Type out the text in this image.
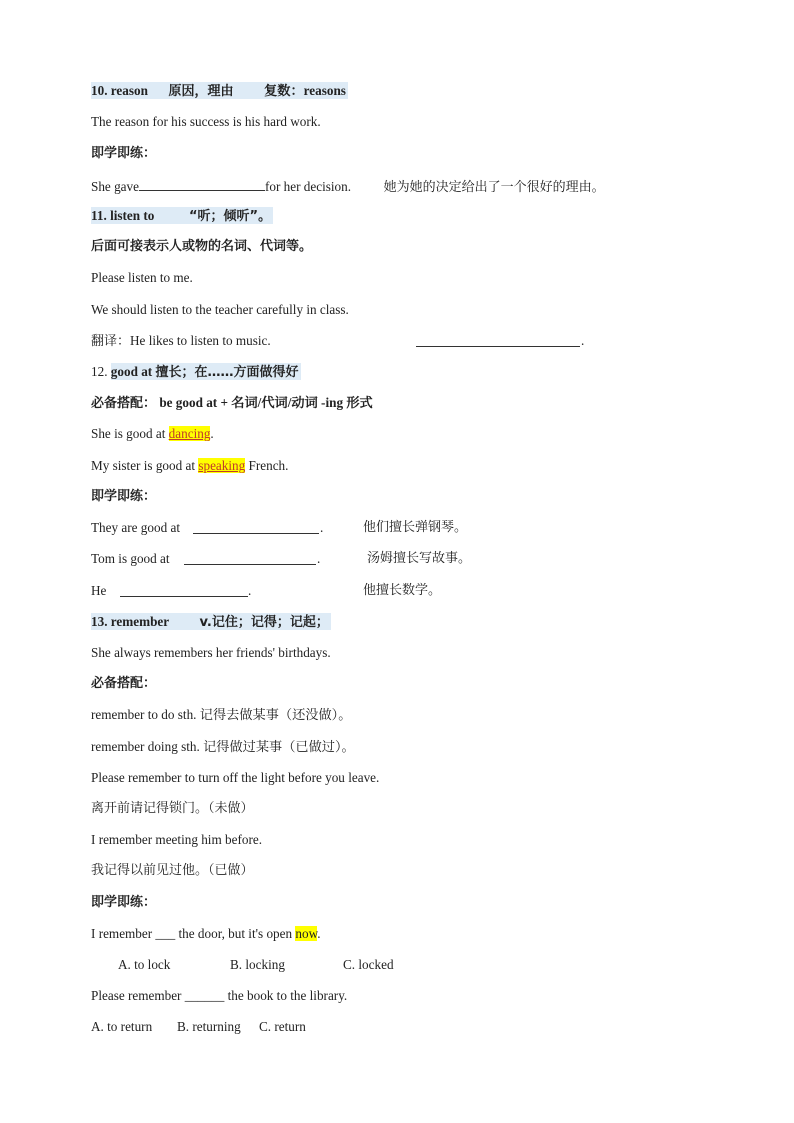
10. reason 原因，理由 复数：reasons
The reason for his success is his hard work.
即学即练：
She gave	for her decision.	她为她的决定给出了一个很好的理由。
11. listen to	“听；倾听”。
后面可接表示人或物的名词、代词等。
Please listen to me.
We should listen to the teacher carefully in class.
翻译：He likes to listen to music.	.
12. good at 擅长；在……方面做得好
必备搭配： be good at + 名词/代词/动词 -ing 形式
She is good at dancing.
My sister is good at speaking French.
即学即练：
They are good at	.	他们擅长弹钢琴。
Tom is good at	.	汤姆擅长写故事。
He	.	他擅长数学。
13. remember v.记住；记得；记起；
She always remembers her friends' birthdays.
必备搭配：
remember to do sth. 记得去做某事（还没做）。
remember doing sth. 记得做过某事（已做过）。
Please remember to turn off the light before you leave.
离开前请记得锁门。（未做）
I remember meeting him before.
我记得以前见过他。（已做）
即学即练：
I remember ___ the door, but it's open now.
A. to lock	B. locking	C. locked
Please remember ______ the book to the library.
A. to return B. returning C. return
